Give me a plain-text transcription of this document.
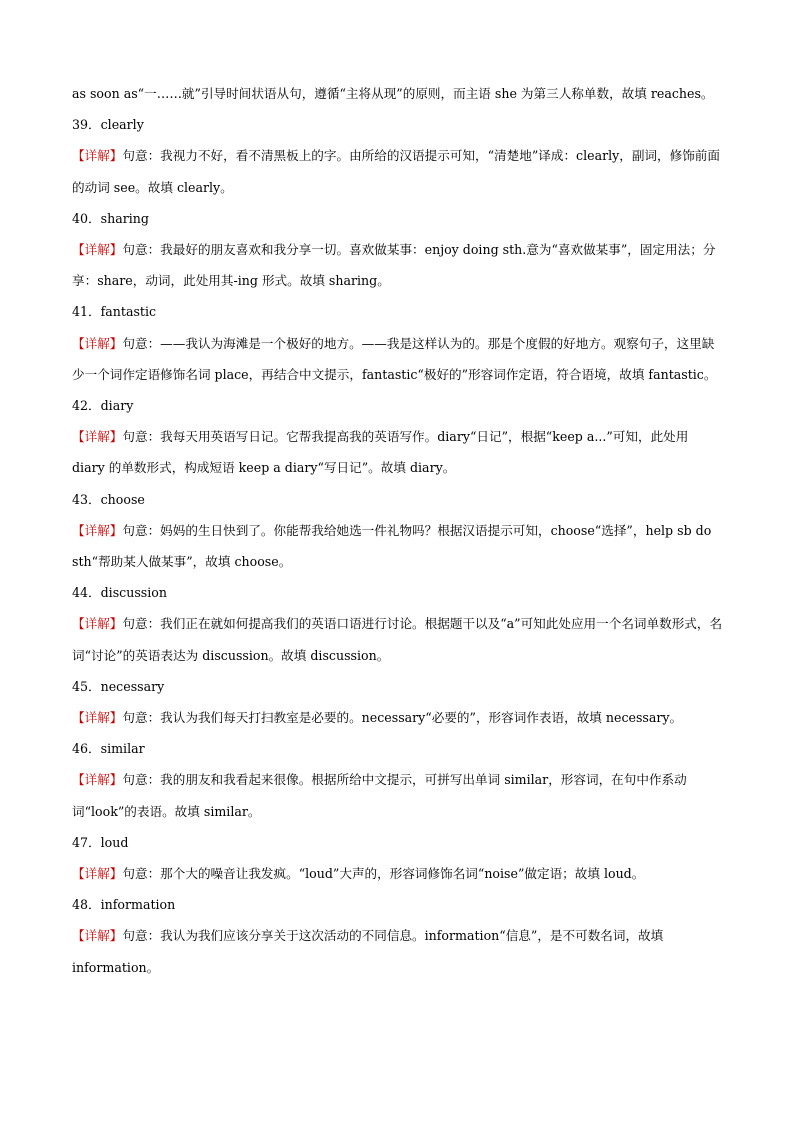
as soon as“一……就”引导时间状语从句，遵循“主将从现”的原则，而主语 she 为第三人称单数，故填 reaches。
39．clearly
【详解】句意：我视力不好，看不清黑板上的字。由所给的汉语提示可知，“清楚地”译成：clearly，副词，修饰前面的动词 see。故填 clearly。
40．sharing
【详解】句意：我最好的朋友喜欢和我分享一切。喜欢做某事：enjoy doing sth.意为“喜欢做某事”，固定用法；分享：share，动词，此处用其-ing 形式。故填 sharing。
41．fantastic
【详解】句意：——我认为海滩是一个极好的地方。——我是这样认为的。那是个度假的好地方。观察句子，这里缺少一个词作定语修饰名词 place，再结合中文提示，fantastic“极好的”形容词作定语，符合语境，故填 fantastic。
42．diary
【详解】句意：我每天用英语写日记。它帮我提高我的英语写作。diary“日记”，根据“keep a...”可知，此处用 diary 的单数形式，构成短语 keep a diary“写日记”。故填 diary。
43．choose
【详解】句意：妈妈的生日快到了。你能帮我给她选一件礼物吗？根据汉语提示可知，choose“选择”，help sb do sth“帮助某人做某事”，故填 choose。
44．discussion
【详解】句意：我们正在就如何提高我们的英语口语进行讨论。根据题干以及“a”可知此处应用一个名词单数形式，名词“讨论”的英语表达为 discussion。故填 discussion。
45．necessary
【详解】句意：我认为我们每天打扫教室是必要的。necessary“必要的”，形容词作表语，故填 necessary。
46．similar
【详解】句意：我的朋友和我看起来很像。根据所给中文提示，可拼写出单词 similar，形容词，在句中作系动词“look”的表语。故填 similar。
47．loud
【详解】句意：那个大的噪音让我发疯。“loud”大声的，形容词修饰名词“noise”做定语；故填 loud。
48．information
【详解】句意：我认为我们应该分享关于这次活动的不同信息。information“信息”，是不可数名词，故填 information。
